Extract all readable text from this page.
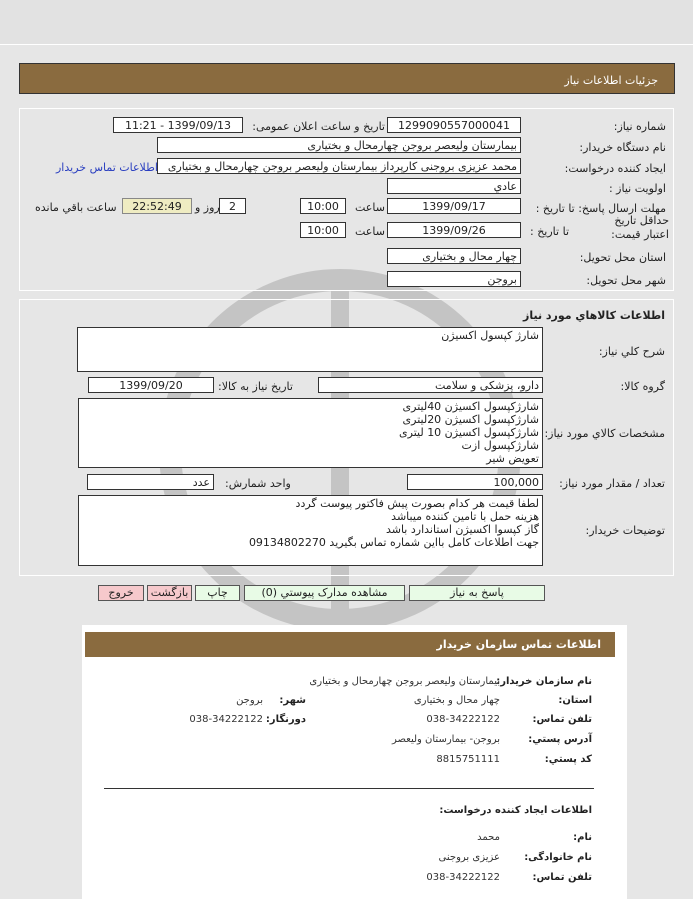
جزئیات اطلاعات نیاز
شماره نیاز:
1299090557000041
تاریخ و ساعت اعلان عمومی:
1399/09/13 - 11:21
نام دستگاه خریدار:
بیمارستان ولیعصر بروجن چهارمحال و بختیاری
ایجاد کننده درخواست:
محمد عزیزی بروجنی کارپرداز بیمارستان ولیعصر بروجن چهارمحال و بختیاری
اطلاعات تماس خریدار
اولویت نیاز :
عادي
مهلت ارسال پاسخ: تا تاریخ :
1399/09/17
ساعت
10:00
2
روز و
22:52:49
ساعت باقي مانده
حداقل تاریخ اعتبار قیمت:
تا تاریخ :
1399/09/26
ساعت
10:00
استان محل تحویل:
چهار محال و بختیاری
شهر محل تحویل:
بروجن
اطلاعات کالاهاي مورد نياز
شرح کلي نياز:
شارژ کپسول اکسیژن
گروه کالا:
دارو، پزشکی و سلامت
تاریخ نیاز به کالا:
1399/09/20
مشخصات کالاي مورد نياز:
شارژکپسول اکسیژن 40لیتری
شارژکپسول اکسیژن 20لیتری
شارژکپسول اکسیژن 10 لیتری
شارژکپسول ازت
تعویض شیر
تعداد / مقدار مورد نیاز:
100,000
واحد شمارش:
عدد
توضیحات خریدار:
لطفا قیمت هر کدام بصورت پیش فاکتور پیوست گردد
هزینه حمل با تامین کننده میباشد
گاز کپسوا اکسیژن استاندارد باشد
جهت اطلاعات کامل بااین شماره تماس بگیرید 09134802270
پاسخ به نیاز
مشاهده مدارک پیوستي (0)
چاپ
بازگشت
خروج
اطلاعات تماس سازمان خریدار
نام سازمان خریدار:
بیمارستان ولیعصر بروجن چهارمحال و بختیاری
استان:
چهار محال و بختیاری
شهر:
بروجن
تلفن تماس:
038-34222122
دورنگار:
038-34222122
آدرس پستي:
بروجن- بیمارستان ولیعصر
کد پستي:
8815751111
اطلاعات ایجاد کننده درخواست:
نام:
محمد
نام خانوادگی:
عزیزی بروجنی
تلفن تماس:
038-34222122
